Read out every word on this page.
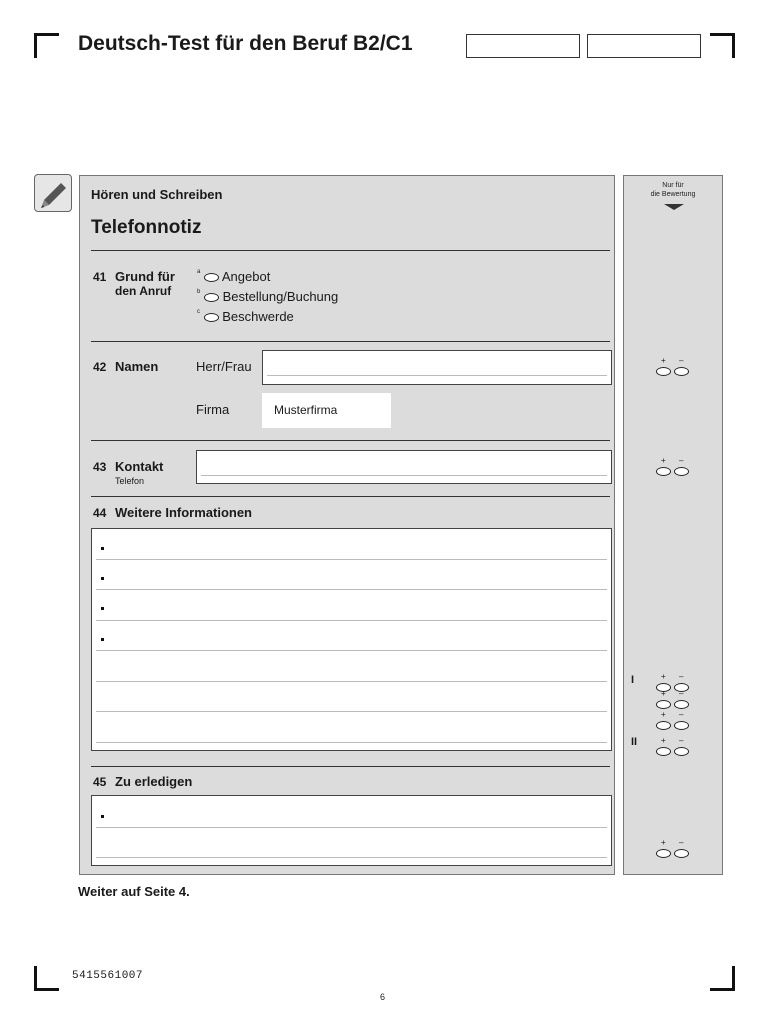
Deutsch-Test für den Beruf B2/C1
Hören und Schreiben
Telefonnotiz
41 Grund für
den Anruf
$^a$ Angebot
$^b$ Bestellung/Buchung
$^c$ Beschwerde
42 Namen	Herr/Frau
Firma	Musterfirma
43 Kontakt
Telefon
44 Weitere Informationen
45 Zu erledigen
Nur für
die Bewertung
+ –
+ –
I	+ –
+ –
+ –
II	+ –
+ –
Weiter auf Seite 4.
5415561007
6
